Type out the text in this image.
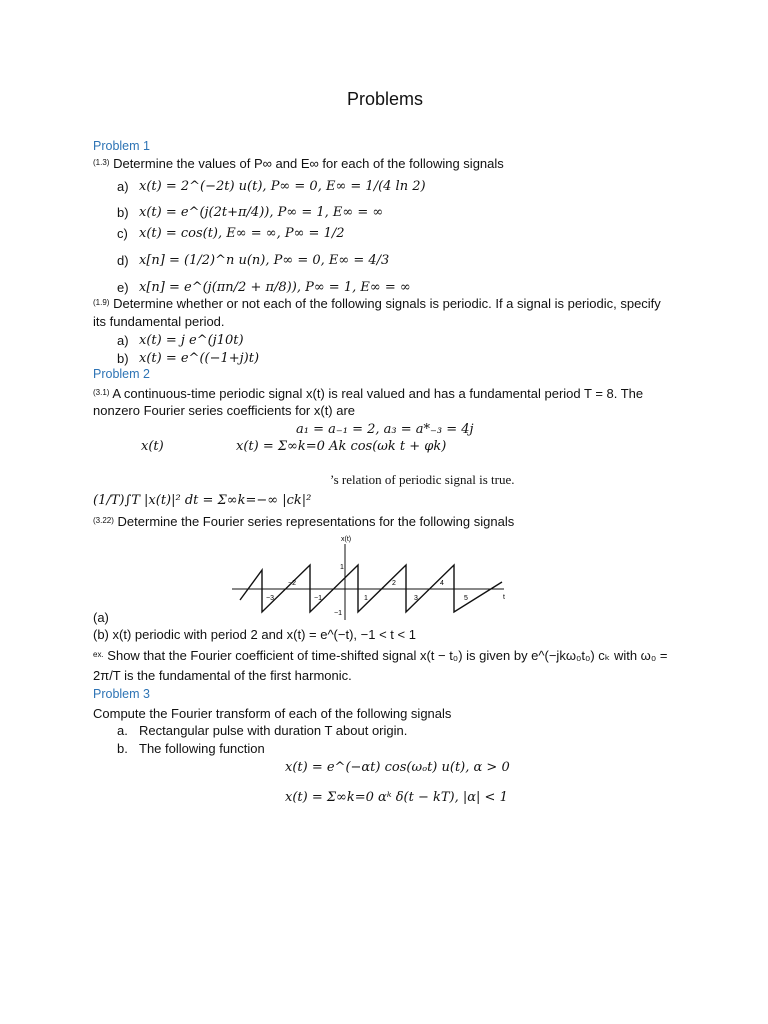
Problems
Problem 1
$^{(1.3)}$ Determine the values of P∞ and E∞ for each of the following signals
a) x(t) = 2^(−2t) u(t), P∞ = 0, E∞ = 1/(4 ln 2)
b) x(t) = e^(j(2t+π/4)), P∞ = 1, E∞ = ∞
c) x(t) = cos(t), E∞ = ∞, P∞ = 1/2
d) x[n] = (1/2)^n u(n), P∞ = 0, E∞ = 4/3
e) x[n] = e^(j(πn/2 + π/8)), P∞ = 1, E∞ = ∞
$^{(1.9)}$ Determine whether or not each of the following signals is periodic. If a signal is periodic, specify
its fundamental period.
a) x(t) = j e^(j10t)
b) x(t) = e^((−1+j)t)
Problem 2
$^{(3.1)}$ A continuous-time periodic signal x(t) is real valued and has a fundamental period T = 8. The
nonzero Fourier series coefficients for x(t) are
a₁ = a₋₁ = 2, a₃ = a*₋₃ = 4j
x(t)	x(t) = Σ∞k=0 Ak cos(ωk t + φk)
’s relation of periodic signal is true.
(1/T)∫T |x(t)|² dt = Σ∞k=−∞ |ck|²
$^{(3.22)}$ Determine the Fourier series representations for the following signals
x(t)
t
1
−1
−2	2	4
−3	−1	1	3	5
(a)
(b) x(t) periodic with period 2 and x(t) = e^(−t), −1 < t < 1
$^{ex.}$ Show that the Fourier coefficient of time-shifted signal x(t − t₀) is given by e^(−jkω₀t₀) cₖ with ω₀ =
2π/T is the fundamental of the first harmonic.
Problem 3
Compute the Fourier transform of each of the following signals
a. Rectangular pulse with duration T about origin.
b. The following function
x(t) = e^(−αt) cos(ωₒt) u(t), α > 0
x(t) = Σ∞k=0 αᵏ δ(t − kT), |α| < 1
